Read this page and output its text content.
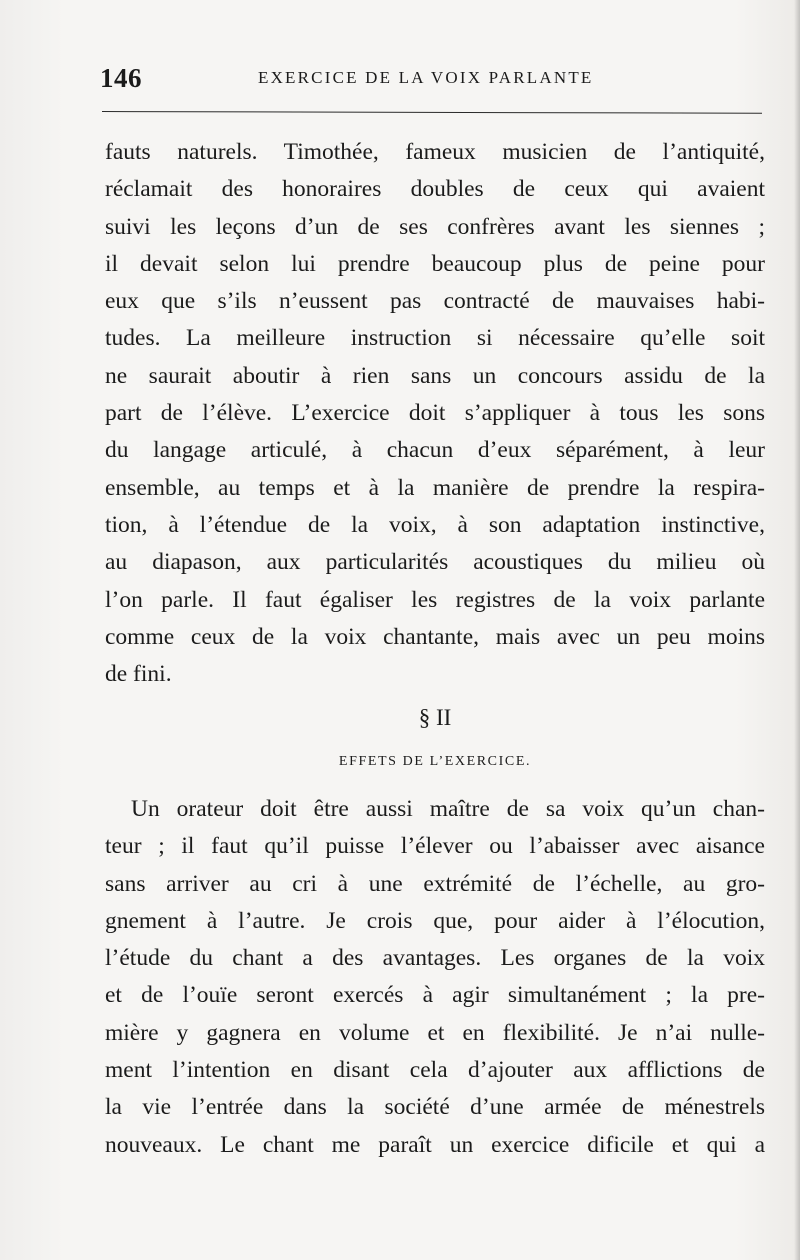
146	EXERCICE DE LA VOIX PARLANTE
fauts naturels. Timothée, fameux musicien de l’antiquité,
réclamait des honoraires doubles de ceux qui avaient
suivi les leçons d’un de ses confrères avant les siennes ;
il devait selon lui prendre beaucoup plus de peine pour
eux que s’ils n’eussent pas contracté de mauvaises habi-
tudes. La meilleure instruction si nécessaire qu’elle soit
ne saurait aboutir à rien sans un concours assidu de la
part de l’élève. L’exercice doit s’appliquer à tous les sons
du langage articulé, à chacun d’eux séparément, à leur
ensemble, au temps et à la manière de prendre la respira-
tion, à l’étendue de la voix, à son adaptation instinctive,
au diapason, aux particularités acoustiques du milieu où
l’on parle. Il faut égaliser les registres de la voix parlante
comme ceux de la voix chantante, mais avec un peu moins
de fini.
§ II
EFFETS DE L’EXERCICE.
Un orateur doit être aussi maître de sa voix qu’un chan-
teur ; il faut qu’il puisse l’élever ou l’abaisser avec aisance
sans arriver au cri à une extrémité de l’échelle, au gro-
gnement à l’autre. Je crois que, pour aider à l’élocution,
l’étude du chant a des avantages. Les organes de la voix
et de l’ouïe seront exercés à agir simultanément ; la pre-
mière y gagnera en volume et en flexibilité. Je n’ai nulle-
ment l’intention en disant cela d’ajouter aux afflictions de
la vie l’entrée dans la société d’une armée de ménestrels
nouveaux. Le chant me paraît un exercice dificile et qui a
